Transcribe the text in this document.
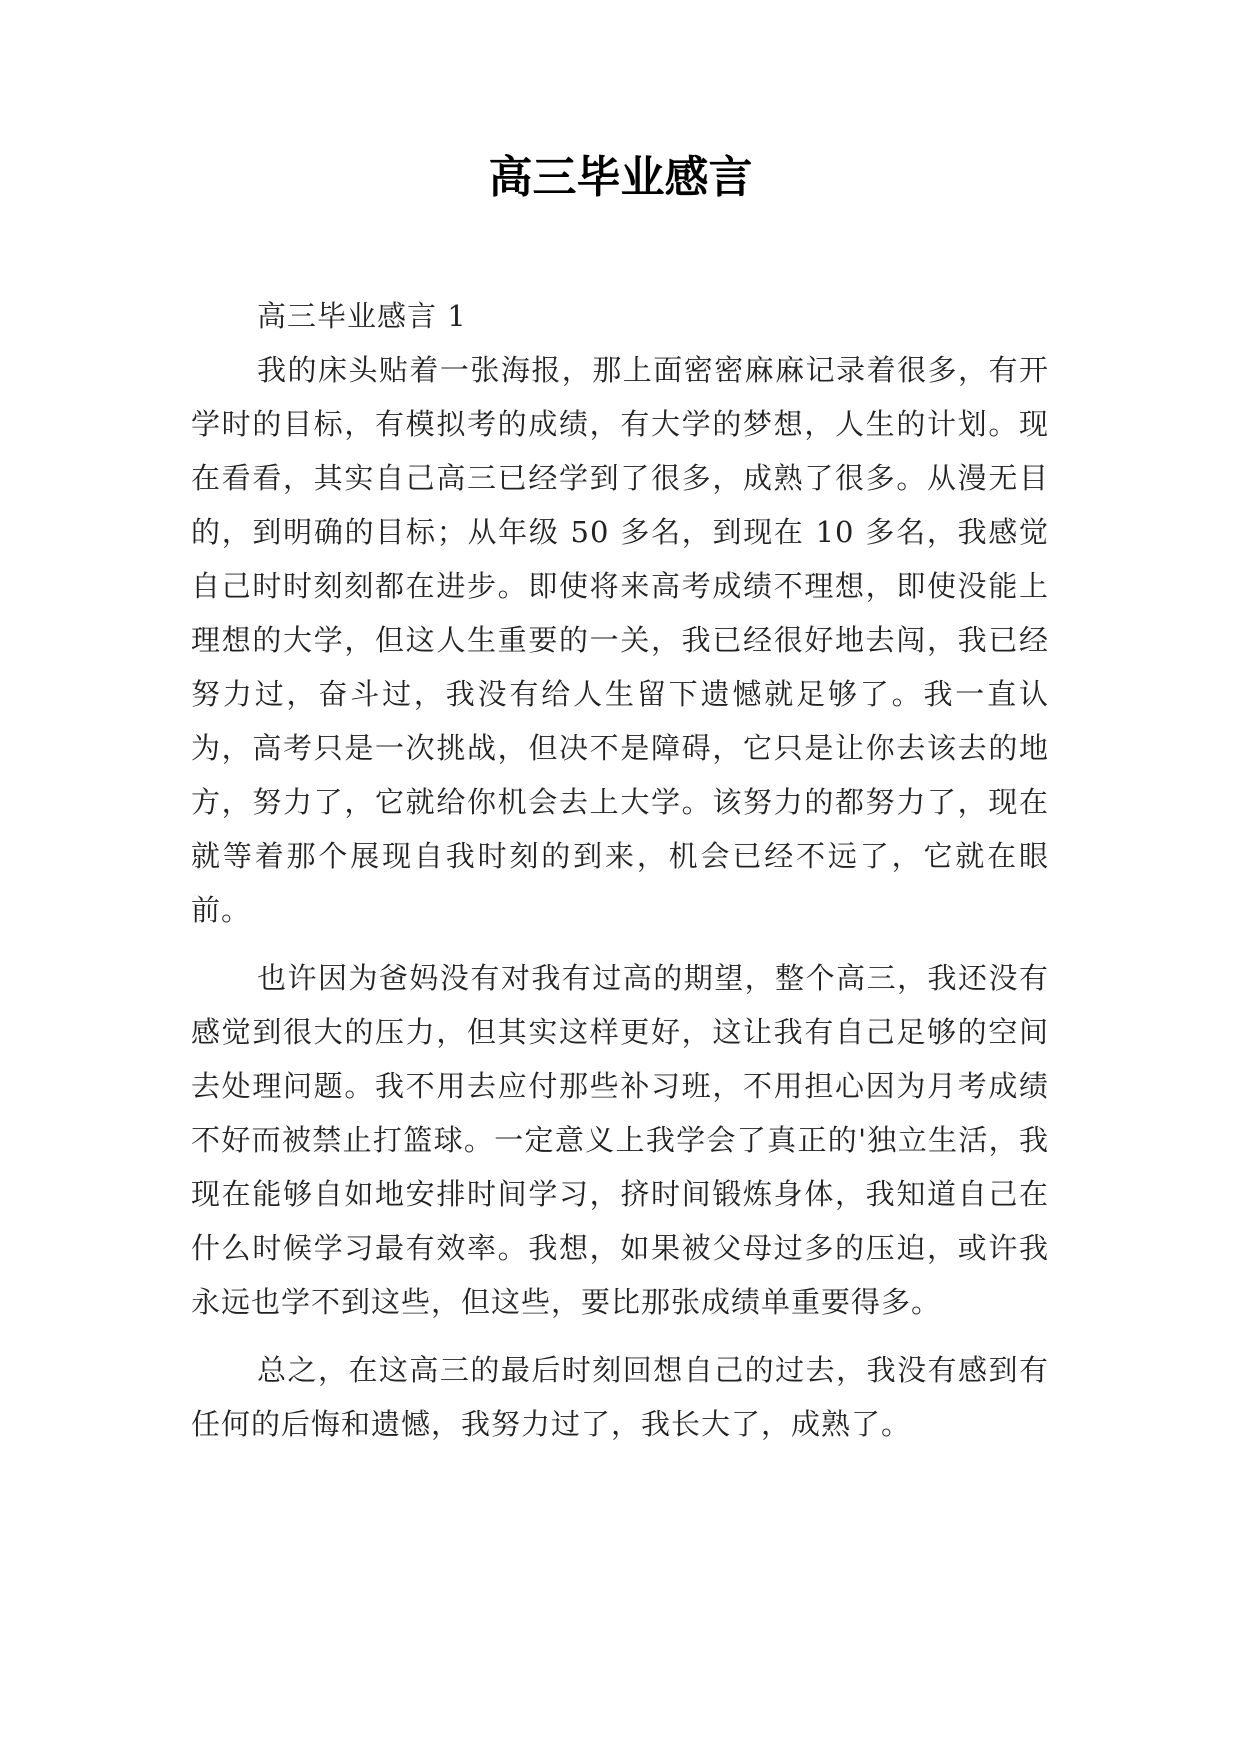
高三毕业感言
高三毕业感言 1

我的床头贴着一张海报，那上面密密麻麻记录着很多，有开学时的目标，有模拟考的成绩，有大学的梦想，人生的计划。现在看看，其实自己高三已经学到了很多，成熟了很多。从漫无目的，到明确的目标；从年级 50 多名，到现在 10 多名，我感觉自己时时刻刻都在进步。即使将来高考成绩不理想，即使没能上理想的大学，但这人生重要的一关，我已经很好地去闯，我已经努力过，奋斗过，我没有给人生留下遗憾就足够了。我一直认为，高考只是一次挑战，但决不是障碍，它只是让你去该去的地方，努力了，它就给你机会去上大学。该努力的都努力了，现在就等着那个展现自我时刻的到来，机会已经不远了，它就在眼前。

也许因为爸妈没有对我有过高的期望，整个高三，我还没有感觉到很大的压力，但其实这样更好，这让我有自己足够的空间去处理问题。我不用去应付那些补习班，不用担心因为月考成绩不好而被禁止打篮球。一定意义上我学会了真正的'独立生活，我现在能够自如地安排时间学习，挤时间锻炼身体，我知道自己在什么时候学习最有效率。我想，如果被父母过多的压迫，或许我永远也学不到这些，但这些，要比那张成绩单重要得多。

总之，在这高三的最后时刻回想自己的过去，我没有感到有任何的后悔和遗憾，我努力过了，我长大了，成熟了。
